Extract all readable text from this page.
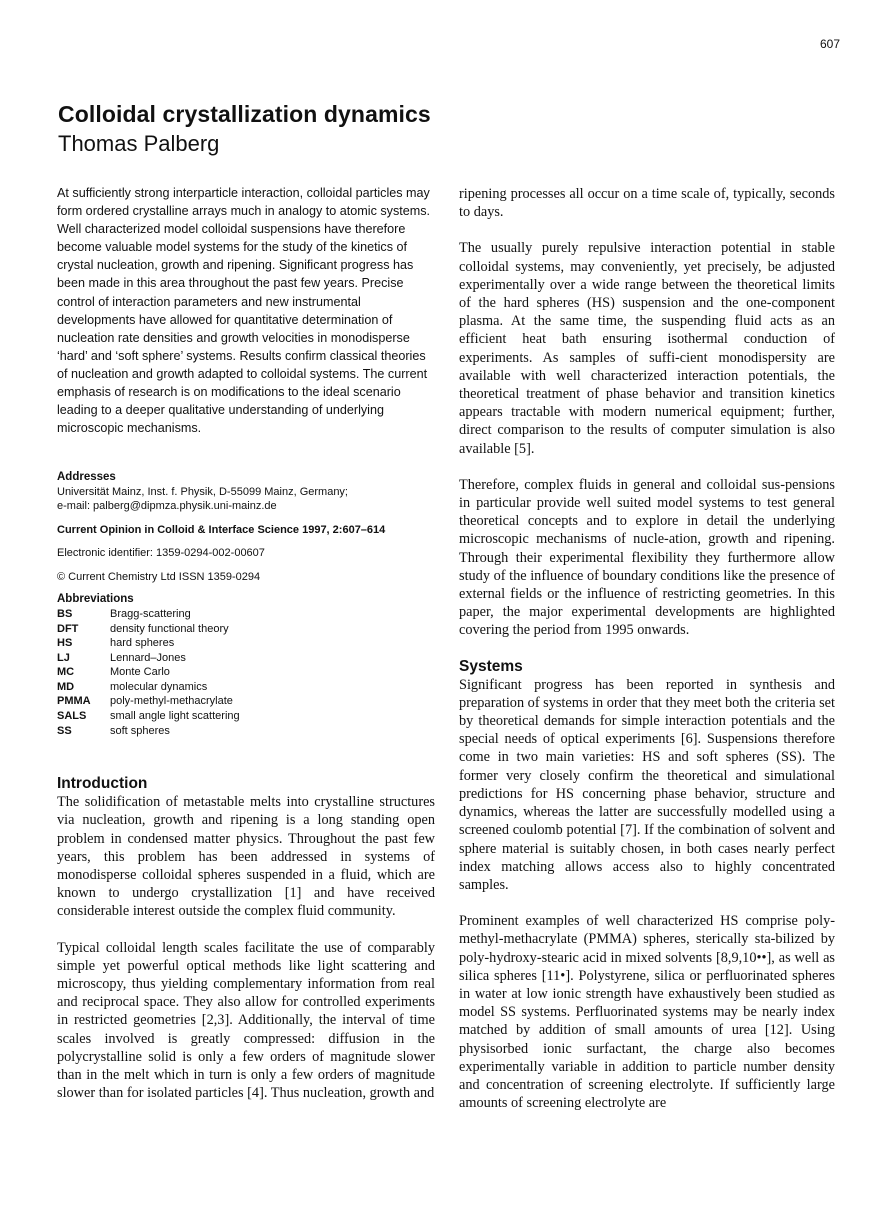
607
Colloidal crystallization dynamics
Thomas Palberg

At sufficiently strong interparticle interaction, colloidal particles may form ordered crystalline arrays much in analogy to atomic systems. Well characterized model colloidal suspensions have therefore become valuable model systems for the study of the kinetics of crystal nucleation, growth and ripening. Significant progress has been made in this area throughout the past few years. Precise control of interaction parameters and new instrumental developments have allowed for quantitative determination of nucleation rate densities and growth velocities in monodisperse ‘hard’ and ‘soft sphere’ systems. Results confirm classical theories of nucleation and growth adapted to colloidal systems. The current emphasis of research is on modifications to the ideal scenario leading to a deeper qualitative understanding of underlying microscopic mechanisms.

Addresses

Universität Mainz, Inst. f. Physik, D-55099 Mainz, Germany;

e-mail: palberg@dipmza.physik.uni-mainz.de

Current Opinion in Colloid & Interface Science 1997, 2:607–614

Electronic identifier: 1359-0294-002-00607

© Current Chemistry Ltd ISSN 1359-0294

Abbreviations
BS	Bragg-scattering
DFT	density functional theory
HS	hard spheres
LJ	Lennard–Jones
MC	Monte Carlo
MD	molecular dynamics
PMMA	poly-methyl-methacrylate
SALS	small angle light scattering
SS	soft spheres
Introduction

The solidification of metastable melts into crystalline structures via nucleation, growth and ripening is a long standing open problem in condensed matter physics. Throughout the past few years, this problem has been addressed in systems of monodisperse colloidal spheres suspended in a fluid, which are known to undergo crystallization [1] and have received considerable interest outside the complex fluid community.

Typical colloidal length scales facilitate the use of comparably simple yet powerful optical methods like light scattering and microscopy, thus yielding complementary information from real and reciprocal space. They also allow for controlled experiments in restricted geometries [2,3]. Additionally, the interval of time scales involved is greatly compressed: diffusion in the polycrystalline solid is only a few orders of magnitude slower than in the melt which in turn is only a few orders of magnitude slower than for isolated particles [4]. Thus nucleation, growth and

ripening processes all occur on a time scale of, typically, seconds to days.

The usually purely repulsive interaction potential in stable colloidal systems, may conveniently, yet precisely, be adjusted experimentally over a wide range between the theoretical limits of the hard spheres (HS) suspension and the one-component plasma. At the same time, the suspending fluid acts as an efficient heat bath ensuring isothermal conduction of experiments. As samples of suffi-cient monodispersity are available with well characterized interaction potentials, the theoretical treatment of phase behavior and transition kinetics appears tractable with modern numerical equipment; further, direct comparison to the results of computer simulation is also available [5].

Therefore, complex fluids in general and colloidal sus-pensions in particular provide well suited model systems to test general theoretical concepts and to explore in detail the underlying microscopic mechanisms of nucle-ation, growth and ripening. Through their experimental flexibility they furthermore allow study of the influence of boundary conditions like the presence of external fields or the influence of restricting geometries. In this paper, the major experimental developments are highlighted covering the period from 1995 onwards.

Systems

Significant progress has been reported in synthesis and preparation of systems in order that they meet both the criteria set by theoretical demands for simple interaction potentials and the special needs of optical experiments [6]. Suspensions therefore come in two main varieties: HS and soft spheres (SS). The former very closely confirm the theoretical and simulational predictions for HS concerning phase behavior, structure and dynamics, whereas the latter are successfully modelled using a screened coulomb potential [7]. If the combination of solvent and sphere material is suitably chosen, in both cases nearly perfect index matching allows access also to highly concentrated samples.

Prominent examples of well characterized HS comprise poly-methyl-methacrylate (PMMA) spheres, sterically sta-bilized by poly-hydroxy-stearic acid in mixed solvents [8,9,10••], as well as silica spheres [11•]. Polystyrene, silica or perfluorinated spheres in water at low ionic strength have exhaustively been studied as model SS systems. Perfluorinated systems may be nearly index matched by addition of small amounts of urea [12]. Using physisorbed ionic surfactant, the charge also becomes experimentally variable in addition to particle number density and concentration of screening electrolyte. If sufficiently large amounts of screening electrolyte are
